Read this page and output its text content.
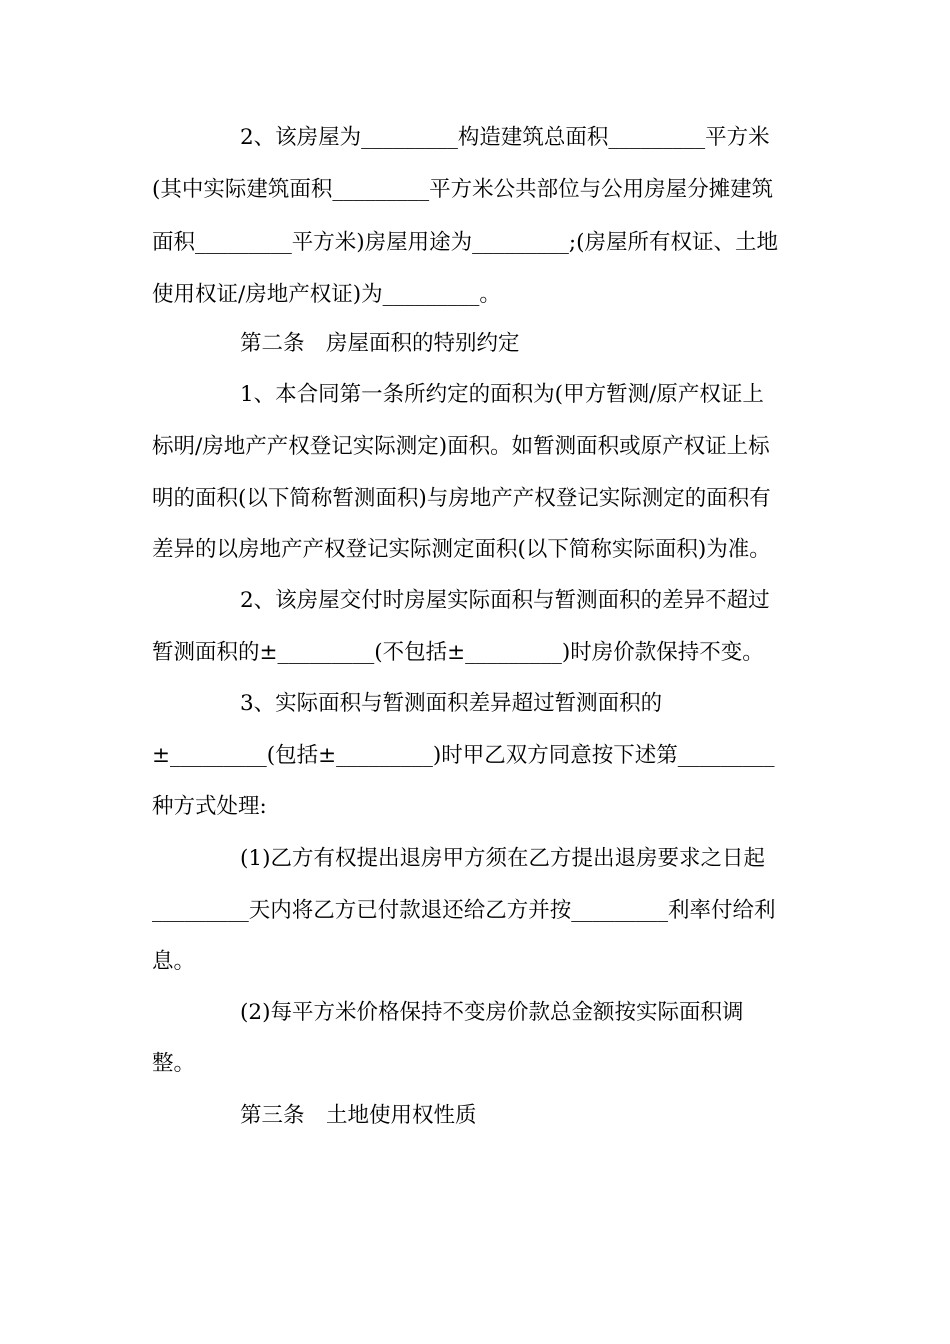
2、该房屋为_________构造建筑总面积_________平方米
(其中实际建筑面积_________平方米公共部位与公用房屋分摊建筑
面积_________平方米)房屋用途为_________;(房屋所有权证、土地
使用权证/房地产权证)为_________。
第二条　房屋面积的特别约定
1、本合同第一条所约定的面积为(甲方暂测/原产权证上
标明/房地产产权登记实际测定)面积。如暂测面积或原产权证上标
明的面积(以下简称暂测面积)与房地产产权登记实际测定的面积有
差异的以房地产产权登记实际测定面积(以下简称实际面积)为准。
2、该房屋交付时房屋实际面积与暂测面积的差异不超过
暂测面积的±_________(不包括±_________)时房价款保持不变。
3、实际面积与暂测面积差异超过暂测面积的
±_________(包括±_________)时甲乙双方同意按下述第_________
种方式处理:
(1)乙方有权提出退房甲方须在乙方提出退房要求之日起
_________天内将乙方已付款退还给乙方并按_________利率付给利
息。
(2)每平方米价格保持不变房价款总金额按实际面积调
整。
第三条　土地使用权性质
